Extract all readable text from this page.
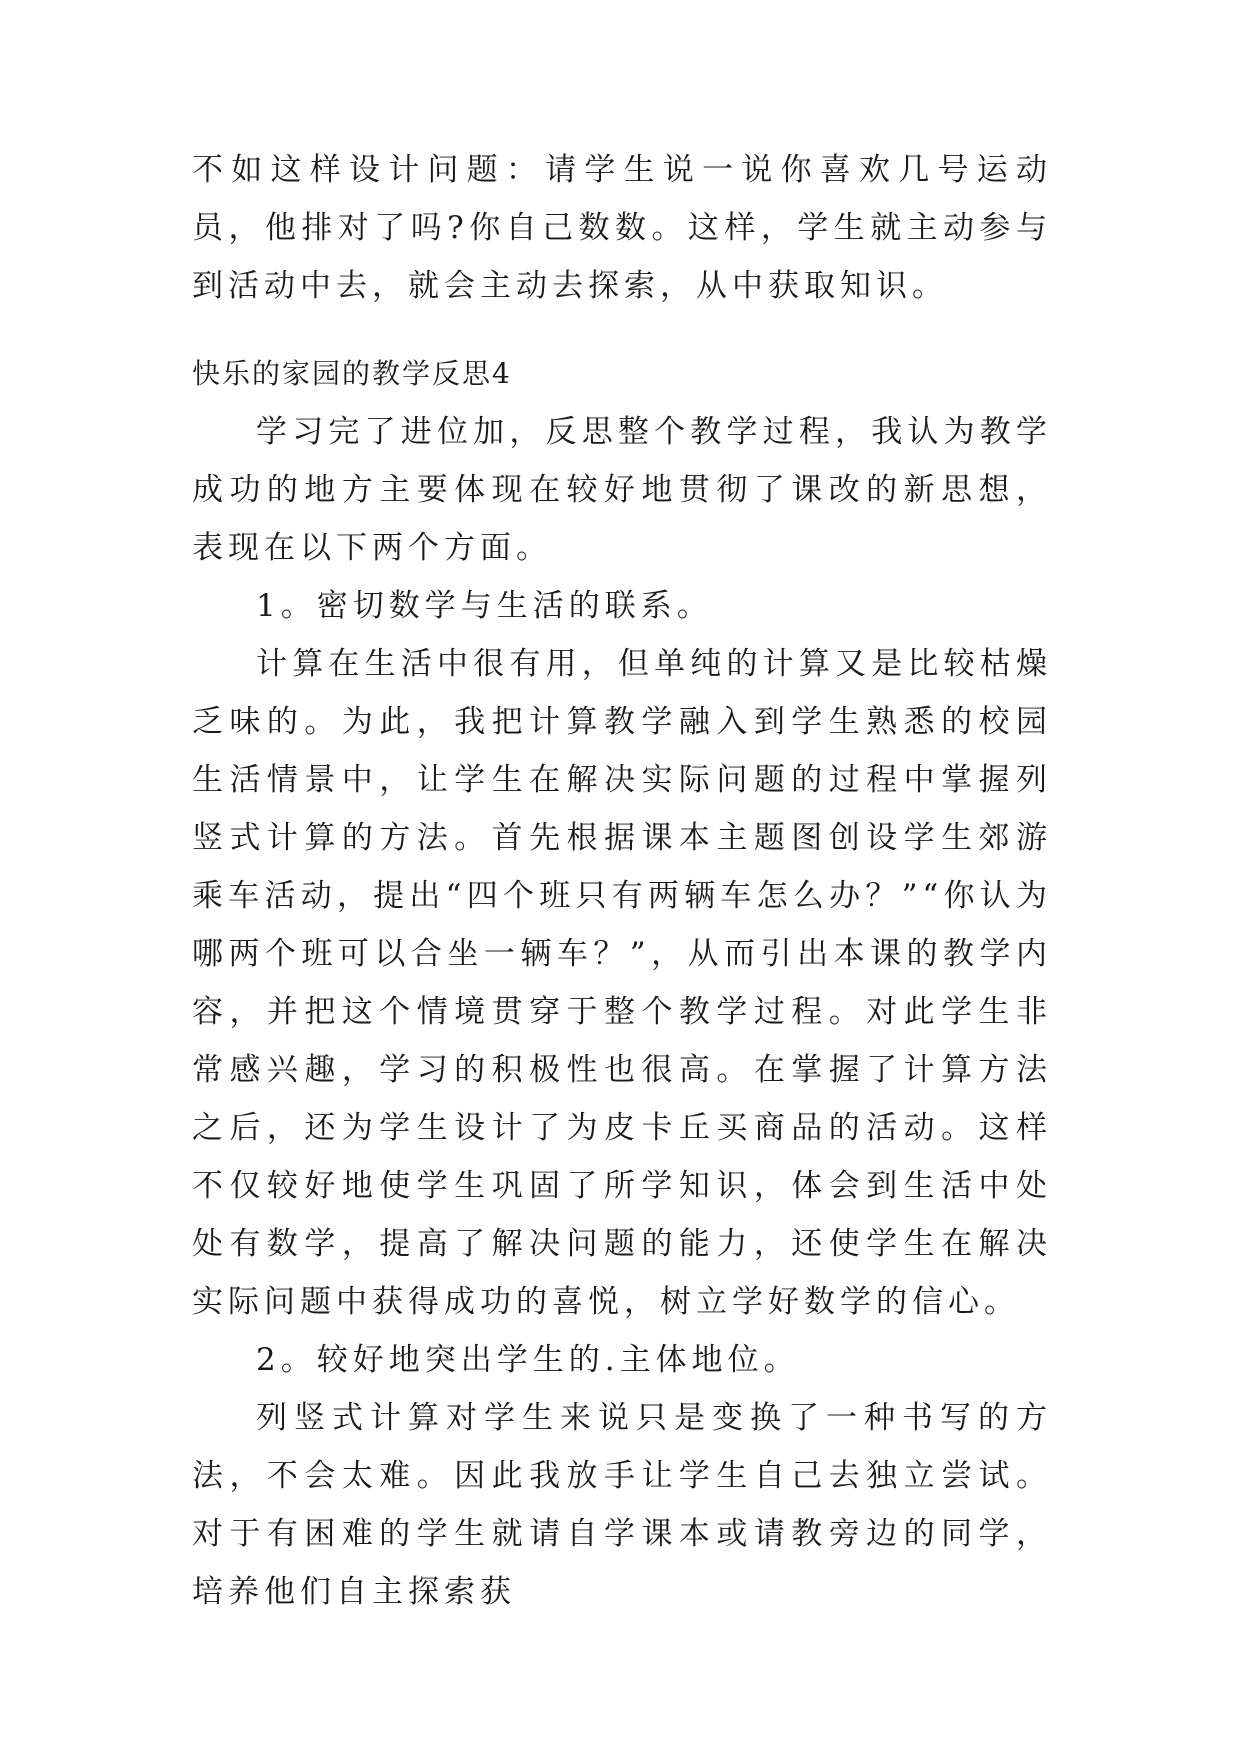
不如这样设计问题：请学生说一说你喜欢几号运动员，他排对了吗?你自己数数。这样，学生就主动参与到活动中去，就会主动去探索，从中获取知识。

快乐的家园的教学反思4

学习完了进位加，反思整个教学过程，我认为教学成功的地方主要体现在较好地贯彻了课改的新思想，表现在以下两个方面。

1。密切数学与生活的联系。

计算在生活中很有用，但单纯的计算又是比较枯燥乏味的。为此，我把计算教学融入到学生熟悉的校园生活情景中，让学生在解决实际问题的过程中掌握列竖式计算的方法。首先根据课本主题图创设学生郊游乘车活动，提出“四个班只有两辆车怎么办？”“你认为哪两个班可以合坐一辆车？”，从而引出本课的教学内容，并把这个情境贯穿于整个教学过程。对此学生非常感兴趣，学习的积极性也很高。在掌握了计算方法之后，还为学生设计了为皮卡丘买商品的活动。这样不仅较好地使学生巩固了所学知识，体会到生活中处处有数学，提高了解决问题的能力，还使学生在解决实际问题中获得成功的喜悦，树立学好数学的信心。

2。较好地突出学生的.主体地位。

列竖式计算对学生来说只是变换了一种书写的方法，不会太难。因此我放手让学生自己去独立尝试。对于有困难的学生就请自学课本或请教旁边的同学，培养他们自主探索获
